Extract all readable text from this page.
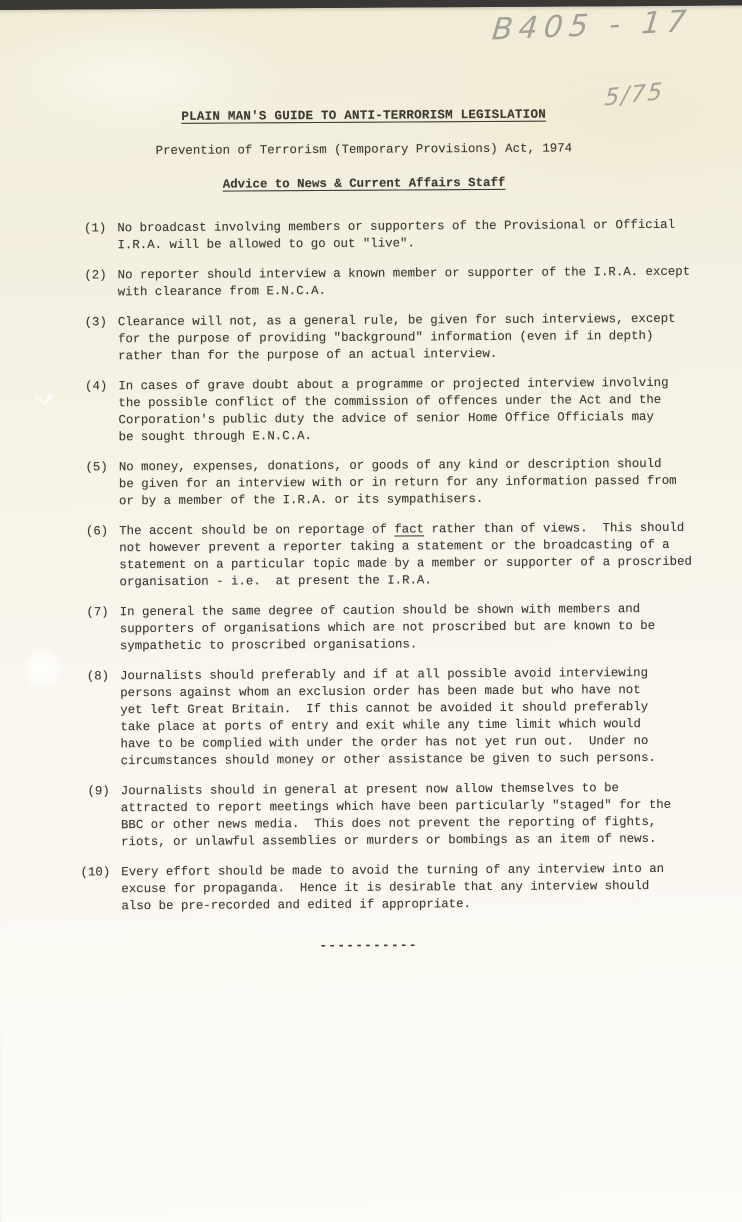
B405 - 17
5/75
PLAIN MAN'S GUIDE TO ANTI-TERRORISM LEGISLATION
Prevention of Terrorism (Temporary Provisions) Act, 1974
Advice to News & Current Affairs Staff
(1) No broadcast involving members or supporters of the Provisional or Official
I.R.A. will be allowed to go out "live".

(2) No reporter should interview a known member or supporter of the I.R.A. except
with clearance from E.N.C.A.

(3) Clearance will not, as a general rule, be given for such interviews, except
for the purpose of providing "background" information (even if in depth)
rather than for the purpose of an actual interview.

(4) In cases of grave doubt about a programme or projected interview involving
the possible conflict of the commission of offences under the Act and the
Corporation's public duty the advice of senior Home Office Officials may
be sought through E.N.C.A.

(5) No money, expenses, donations, or goods of any kind or description should
be given for an interview with or in return for any information passed from
or by a member of the I.R.A. or its sympathisers.

(6) The accent should be on reportage of fact rather than of views.  This should
not however prevent a reporter taking a statement or the broadcasting of a
statement on a particular topic made by a member or supporter of a proscribed
organisation - i.e.  at present the I.R.A.

(7) In general the same degree of caution should be shown with members and
supporters of organisations which are not proscribed but are known to be
sympathetic to proscribed organisations.

(8) Journalists should preferably and if at all possible avoid interviewing
persons against whom an exclusion order has been made but who have not
yet left Great Britain.  If this cannot be avoided it should preferably
take place at ports of entry and exit while any time limit which would
have to be complied with under the order has not yet run out.  Under no
circumstances should money or other assistance be given to such persons.

(9) Journalists should in general at present now allow themselves to be
attracted to report meetings which have been particularly "staged" for the
BBC or other news media.  This does not prevent the reporting of fights,
riots, or unlawful assemblies or murders or bombings as an item of news.

(10) Every effort should be made to avoid the turning of any interview into an
excuse for propaganda.  Hence it is desirable that any interview should
also be pre-recorded and edited if appropriate.

-----------
